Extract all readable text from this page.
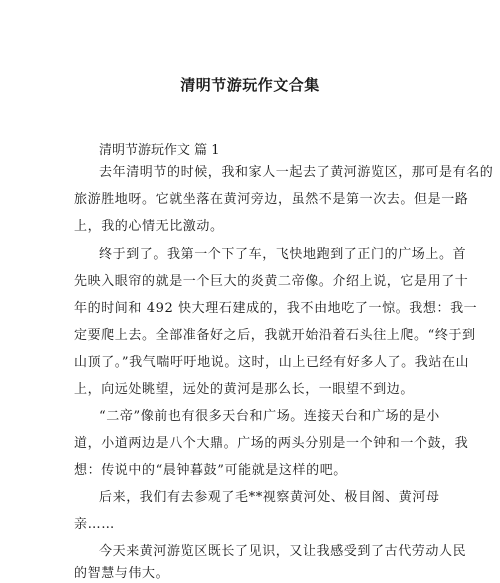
清明节游玩作文合集
清明节游玩作文 篇 1
去年清明节的时候，我和家人一起去了黄河游览区，那可是有名的
旅游胜地呀。它就坐落在黄河旁边，虽然不是第一次去。但是一路
上，我的心情无比激动。
终于到了。我第一个下了车，飞快地跑到了正门的广场上。首
先映入眼帘的就是一个巨大的炎黄二帝像。介绍上说，它是用了十
年的时间和 492 快大理石建成的，我不由地吃了一惊。我想：我一
定要爬上去。全部准备好之后，我就开始沿着石头往上爬。“终于到
山顶了。”我气喘吁吁地说。这时，山上已经有好多人了。我站在山
上，向远处眺望，远处的黄河是那么长，一眼望不到边。
“二帝”像前也有很多天台和广场。连接天台和广场的是小
道，小道两边是八个大鼎。广场的两头分别是一个钟和一个鼓，我
想：传说中的“晨钟暮鼓”可能就是这样的吧。
后来，我们有去参观了毛**视察黄河处、极目阁、黄河母
亲……
今天来黄河游览区既长了见识，又让我感受到了古代劳动人民
的智慧与伟大。
